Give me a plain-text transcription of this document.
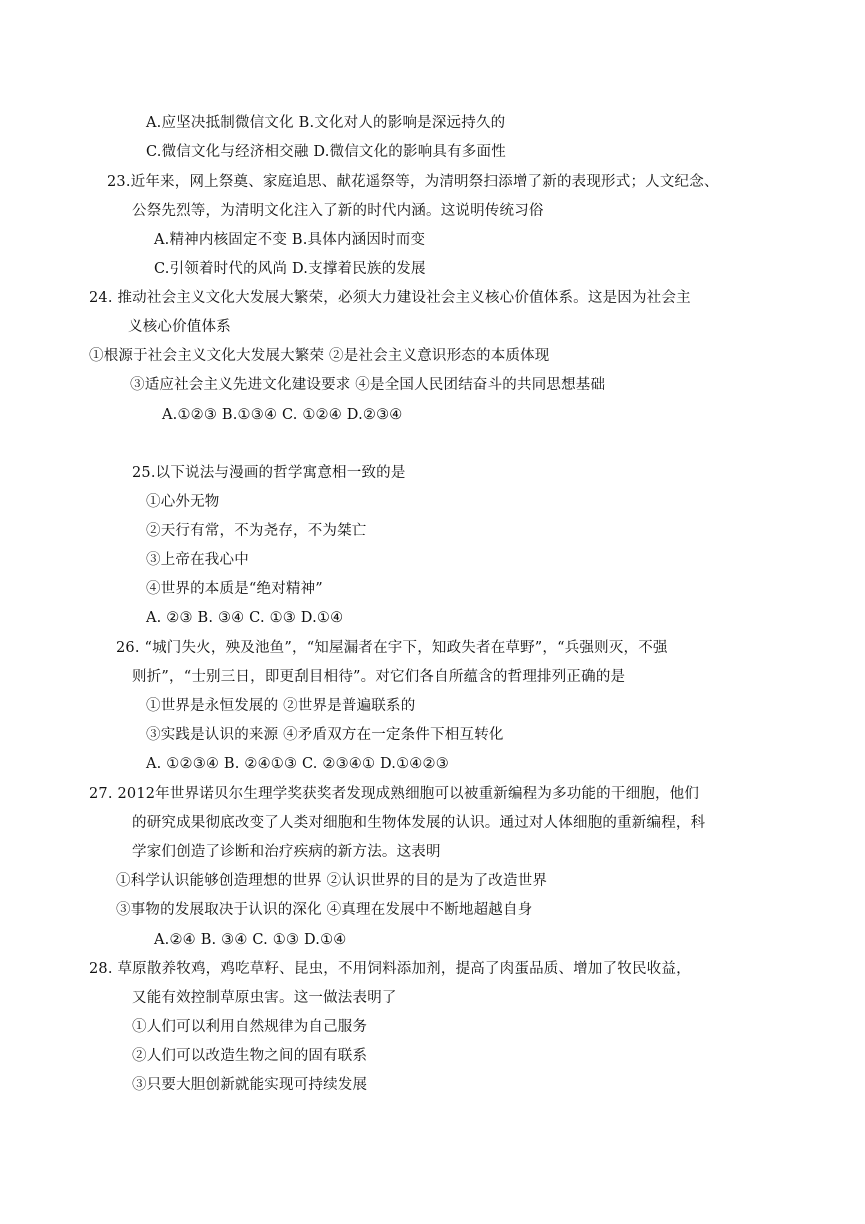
A.应坚决抵制微信文化 B.文化对人的影响是深远持久的
C.微信文化与经济相交融 D.微信文化的影响具有多面性
23.近年来，网上祭奠、家庭追思、献花遥祭等，为清明祭扫添增了新的表现形式；人文纪念、
公祭先烈等，为清明文化注入了新的时代内涵。这说明传统习俗
A.精神内核固定不变 B.具体内涵因时而变
C.引领着时代的风尚 D.支撑着民族的发展
24. 推动社会主义文化大发展大繁荣，必须大力建设社会主义核心价值体系。这是因为社会主
义核心价值体系
①根源于社会主义文化大发展大繁荣 ②是社会主义意识形态的本质体现
③适应社会主义先进文化建设要求 ④是全国人民团结奋斗的共同思想基础
A.①②③ B.①③④ C. ①②④ D.②③④
25.以下说法与漫画的哲学寓意相一致的是
①心外无物
②天行有常，不为尧存，不为桀亡
③上帝在我心中
④世界的本质是“绝对精神”
A. ②③ B. ③④ C. ①③ D.①④
26. “城门失火，殃及池鱼”，“知屋漏者在宇下，知政失者在草野”，“兵强则灭，不强
则折”，“士别三日，即更刮目相待”。对它们各自所蕴含的哲理排列正确的是
①世界是永恒发展的 ②世界是普遍联系的
③实践是认识的来源 ④矛盾双方在一定条件下相互转化
A. ①②③④ B. ②④①③ C. ②③④① D.①④②③
27. 2012年世界诺贝尔生理学奖获奖者发现成熟细胞可以被重新编程为多功能的干细胞，他们
的研究成果彻底改变了人类对细胞和生物体发展的认识。通过对人体细胞的重新编程，科
学家们创造了诊断和治疗疾病的新方法。这表明
①科学认识能够创造理想的世界 ②认识世界的目的是为了改造世界
③事物的发展取决于认识的深化 ④真理在发展中不断地超越自身
A.②④ B. ③④ C. ①③ D.①④
28. 草原散养牧鸡，鸡吃草籽、昆虫，不用饲料添加剂，提高了肉蛋品质、增加了牧民收益，
又能有效控制草原虫害。这一做法表明了
①人们可以利用自然规律为自己服务
②人们可以改造生物之间的固有联系
③只要大胆创新就能实现可持续发展
